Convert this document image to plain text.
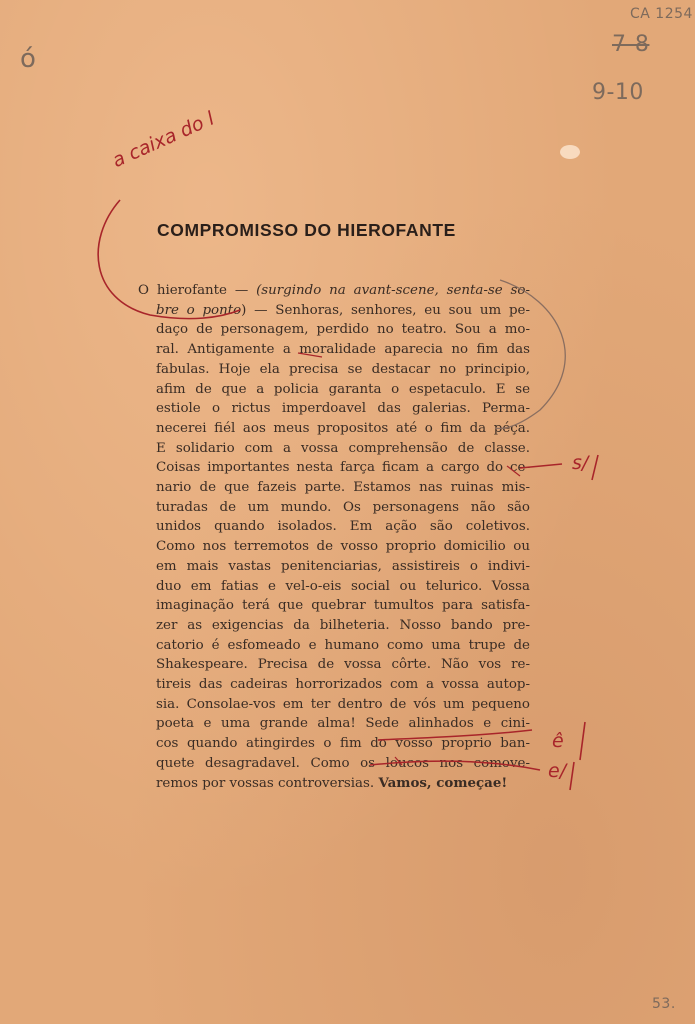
CA 1254
7-8
9-10
ó
53.
a caixa do l
s/
ê
e/
COMPROMISSO DO HIEROFANTE
O hierofante — (surgindo na avant-scene, senta-se so-
bre o ponto) — Senhoras, senhores, eu sou um pe-
daço de personagem, perdido no teatro. Sou a mo-
ral. Antigamente a moralidade aparecia no fim das
fabulas. Hoje ela precisa se destacar no principio,
afim de que a policia garanta o espetaculo. E se
estiole o rictus imperdoavel das galerias. Perma-
necerei fiél aos meus propositos até o fim da péça.
E solidario com a vossa comprehensão de classe.
Coisas importantes nesta farça ficam a cargo do ce-
nario de que fazeis parte. Estamos nas ruinas mis-
turadas de um mundo. Os personagens não são
unidos quando isolados. Em ação são coletivos.
Como nos terremotos de vosso proprio domicilio ou
em mais vastas penitenciarias, assistireis o indivi-
duo em fatias e vel-o-eis social ou telurico. Vossa
imaginação terá que quebrar tumultos para satisfa-
zer as exigencias da bilheteria. Nosso bando pre-
catorio é esfomeado e humano como uma trupe de
Shakespeare. Precisa de vossa côrte. Não vos re-
tireis das cadeiras horrorizados com a vossa autop-
sia. Consolae-vos em ter dentro de vós um pequeno
poeta e uma grande alma! Sede alinhados e cini-
cos quando atingirdes o fim do vosso proprio ban-
quete desagradavel. Como os loucos nos comove-
remos por vossas controversias. Vamos, começae!
